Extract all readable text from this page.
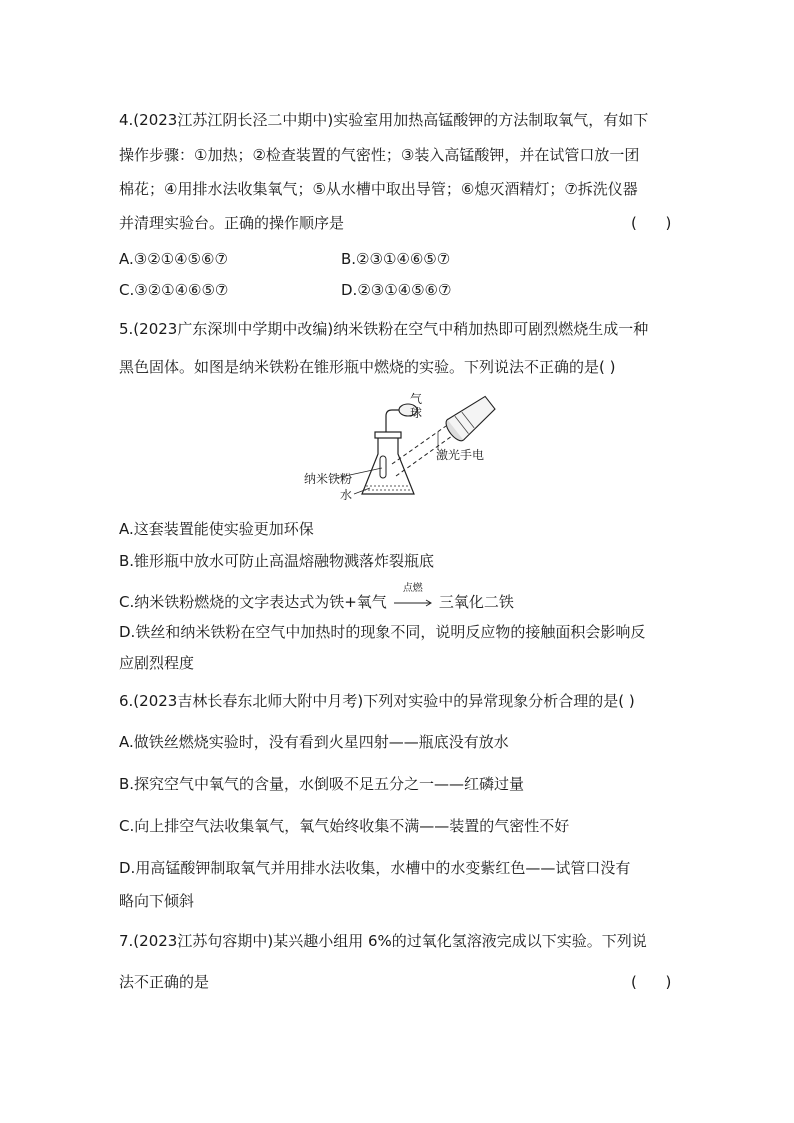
4.(2023江苏江阴长泾二中期中)实验室用加热高锰酸钾的方法制取氧气，有如下
操作步骤：①加热；②检查装置的气密性；③装入高锰酸钾，并在试管口放一团
棉花；④用排水法收集氧气；⑤从水槽中取出导管；⑥熄灭酒精灯；⑦拆洗仪器
并清理实验台。正确的操作顺序是	(      )
A.③②①④⑤⑥⑦	B.②③①④⑥⑤⑦
C.③②①④⑥⑤⑦	D.②③①④⑤⑥⑦
5.(2023广东深圳中学期中改编)纳米铁粉在空气中稍加热即可剧烈燃烧生成一种
黑色固体。如图是纳米铁粉在锥形瓶中燃烧的实验。下列说法不正确的是( )
气
球
激光手电
纳米铁粉
水
A.这套装置能使实验更加环保
B.锥形瓶中放水可防止高温熔融物溅落炸裂瓶底
C.纳米铁粉燃烧的文字表达式为铁+氧气
点燃
三氧化二铁
D.铁丝和纳米铁粉在空气中加热时的现象不同，说明反应物的接触面积会影响反
应剧烈程度
6.(2023吉林长春东北师大附中月考)下列对实验中的异常现象分析合理的是( )
A.做铁丝燃烧实验时，没有看到火星四射——瓶底没有放水
B.探究空气中氧气的含量，水倒吸不足五分之一——红磷过量
C.向上排空气法收集氧气，氧气始终收集不满——装置的气密性不好
D.用高锰酸钾制取氧气并用排水法收集，水槽中的水变紫红色——试管口没有
略向下倾斜
7.(2023江苏句容期中)某兴趣小组用 6%的过氧化氢溶液完成以下实验。下列说
法不正确的是	(      )
